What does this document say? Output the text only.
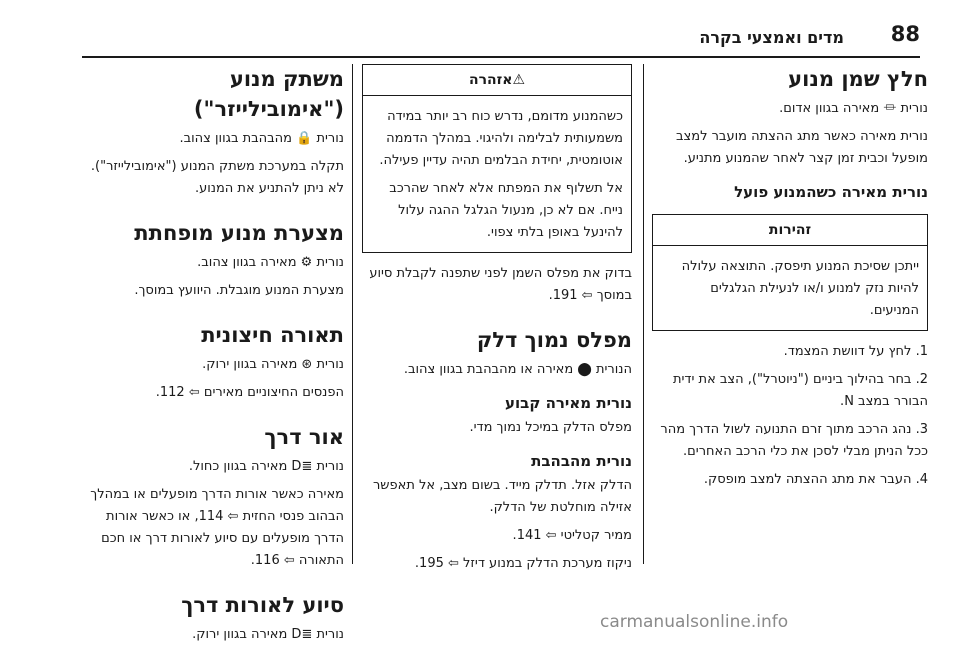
88
מדים ואמצעי בקרה
חלץ שמן מנוע

נורית ⏛ מאירה בגוון אדום.

נורית מאירה כאשר מתג ההצתה מועבר למצב מופעל וכבית זמן קצר לאחר שהמנוע מתניע.

נורית מאירה כשהמנוע פועל
זהירות
ייתכן שסיכת המנוע תיפסק. התוצאה עלולה להיות נזק למנוע ו/או לנעילת הגלגלים המניעים.

1. לחץ על דוושת המצמד.

2. בחר בהילוך ביניים ("ניוטרל"), הצב את ידית הבורר במצב N.

3. נהג הרכב מתוך זרם התנועה לשול הדרך מהר ככל הניתן מבלי לסכן את כלי הרכב האחרים.

4. העבר את מתג ההצתה למצב מופסק.

⚠אזהרה

כשהמנוע מדומם, נדרש כוח רב יותר במידה משמעותית לבלימה ולהיגוי. במהלך הדממה אוטומטית, יחידת הבלמים תהיה עדיין פעילה.

אל תשלוף את המפתח אלא לאחר שהרכב נייח. אם לא כן, מנעול הגלגל ההגה עלול להינעל באופן בלתי צפוי.

בדוק את מפלס השמן לפני שתפנה לקבלת סיוע במוסך ⇦ 191.

מפלס נמוך דלק

הנורית ⬤ מאירה או מהבהבת בגוון צהוב.

נורית מאירה קבוע

מפלס הדלק במיכל נמוך מדי.

נורית מהבהבת

הדלק אזל. תדלק מייד. בשום מצב, אל תאפשר אזילה מוחלטת של הדלק.

ממיר קטליטי ⇦ 141.

ניקוז מערכת הדלק במנוע דיזל ⇦ 195.

משתק מנוע ("אימובילייזר")

נורית 🔒 מהבהבת בגוון צהוב.

תקלה במערכת משתק המנוע ("אימובילייזר"). לא ניתן להתניע את המנוע.

מצערת מנוע מופחתת

נורית ⚙ מאירה בגוון צהוב.

מצערת המנוע מוגבלת. היוועץ במוסך.

תאורה חיצונית

נורית ⊛ מאירה בגוון ירוק.

הפנסים החיצוניים מאירים ⇦ 112.

אור דרך

נורית ≣D מאירה בגוון כחול.

מאירה כאשר אורות הדרך מופעלים או במהלך הבהוב פנסי החזית ⇦ 114, או כאשר אורות הדרך מופעלים עם סיוע לאורות דרך או חכם התאורה ⇦ 116.

סיוע לאורות דרך

נורית ≣D מאירה בגוון ירוק.

carmanualsonline.info
